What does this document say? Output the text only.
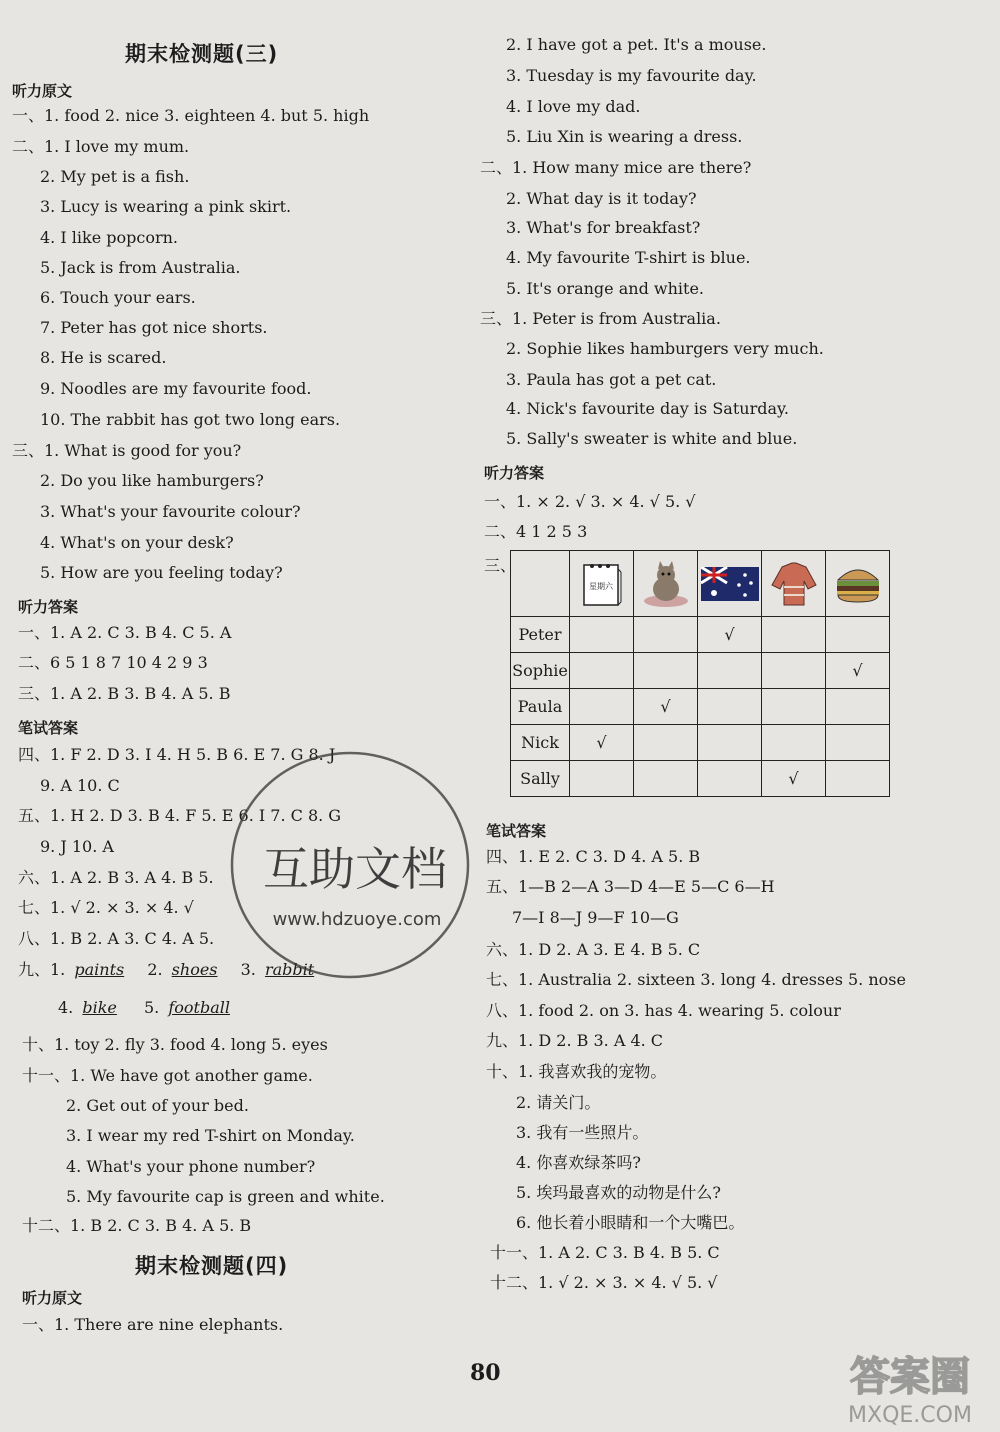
期末检测题(三)
听力原文
一、1. food 2. nice 3. eighteen 4. but 5. high
二、1. I love my mum.
2. My pet is a fish.
3. Lucy is wearing a pink skirt.
4. I like popcorn.
5. Jack is from Australia.
6. Touch your ears.
7. Peter has got nice shorts.
8. He is scared.
9. Noodles are my favourite food.
10. The rabbit has got two long ears.
三、1. What is good for you?
2. Do you like hamburgers?
3. What's your favourite colour?
4. What's on your desk?
5. How are you feeling today?
听力答案
一、1. A 2. C 3. B 4. C 5. A
二、6 5 1 8 7 10 4 2 9 3
三、1. A 2. B 3. B 4. A 5. B
笔试答案
四、1. F 2. D 3. I 4. H 5. B 6. E 7. G 8. J
9. A 10. C
五、1. H 2. D 3. B 4. F 5. E 6. I 7. C 8. G
9. J 10. A
六、1. A 2. B 3. A 4. B 5.
七、1. √ 2. × 3. × 4. √
八、1. B 2. A 3. C 4. A 5.
九、1. paints 2. shoes 3. rabbit
4. bike 5. football
十、1. toy 2. fly 3. food 4. long 5. eyes
十一、1. We have got another game.
2. Get out of your bed.
3. I wear my red T-shirt on Monday.
4. What's your phone number?
5. My favourite cap is green and white.
十二、1. B 2. C 3. B 4. A 5. B
期末检测题(四)
听力原文
一、1. There are nine elephants.
2. I have got a pet. It's a mouse.
3. Tuesday is my favourite day.
4. I love my dad.
5. Liu Xin is wearing a dress.
二、1. How many mice are there?
2. What day is it today?
3. What's for breakfast?
4. My favourite T-shirt is blue.
5. It's orange and white.
三、1. Peter is from Australia.
2. Sophie likes hamburgers very much.
3. Paula has got a pet cat.
4. Nick's favourite day is Saturday.
5. Sally's sweater is white and blue.
听力答案
一、1. × 2. √ 3. × 4. √ 5. √
二、4 1 2 5 3
三、

星期六

Peter			√		
Sophie					√
Paula		√			
Nick	√				
Sally				√	
笔试答案
四、1. E 2. C 3. D 4. A 5. B
五、1—B 2—A 3—D 4—E 5—C 6—H
7—I 8—J 9—F 10—G
六、1. D 2. A 3. E 4. B 5. C
七、1. Australia 2. sixteen 3. long 4. dresses 5. nose
八、1. food 2. on 3. has 4. wearing 5. colour
九、1. D 2. B 3. A 4. C
十、1. 我喜欢我的宠物。
2. 请关门。
3. 我有一些照片。
4. 你喜欢绿茶吗?
5. 埃玛最喜欢的动物是什么?
6. 他长着小眼睛和一个大嘴巴。
十一、1. A 2. C 3. B 4. B 5. C
十二、1. √ 2. × 3. × 4. √ 5. √
80
互助文档
www.hdzuoye.com
答案圈
MXQE.COM
